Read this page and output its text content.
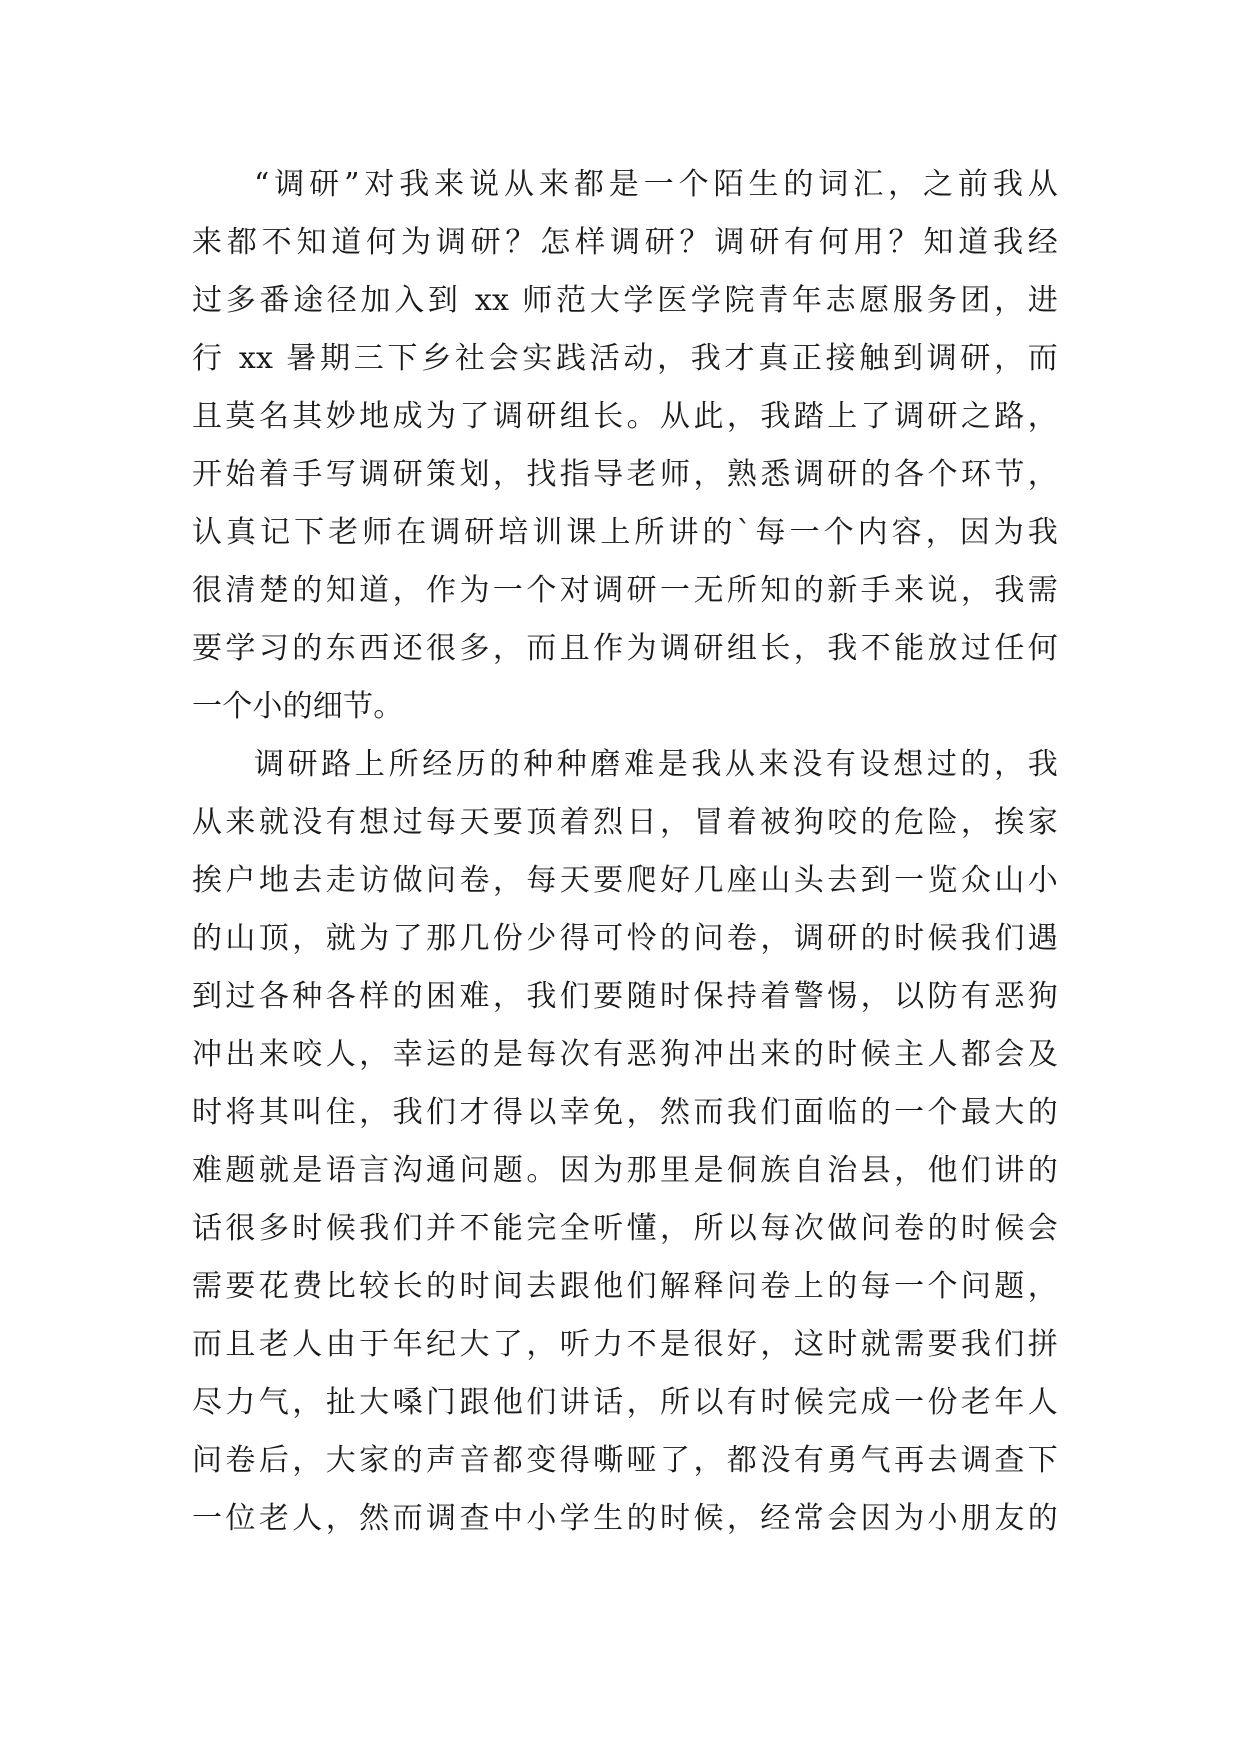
“调研”对我来说从来都是一个陌生的词汇，之前我从
来都不知道何为调研？怎样调研？调研有何用？知道我经
过多番途径加入到 xx 师范大学医学院青年志愿服务团，进
行 xx 暑期三下乡社会实践活动，我才真正接触到调研，而
且莫名其妙地成为了调研组长。从此，我踏上了调研之路，
开始着手写调研策划，找指导老师，熟悉调研的各个环节，
认真记下老师在调研培训课上所讲的`每一个内容，因为我
很清楚的知道，作为一个对调研一无所知的新手来说，我需
要学习的东西还很多，而且作为调研组长，我不能放过任何
一个小的细节。
调研路上所经历的种种磨难是我从来没有设想过的，我
从来就没有想过每天要顶着烈日，冒着被狗咬的危险，挨家
挨户地去走访做问卷，每天要爬好几座山头去到一览众山小
的山顶，就为了那几份少得可怜的问卷，调研的时候我们遇
到过各种各样的困难，我们要随时保持着警惕，以防有恶狗
冲出来咬人，幸运的是每次有恶狗冲出来的时候主人都会及
时将其叫住，我们才得以幸免，然而我们面临的一个最大的
难题就是语言沟通问题。因为那里是侗族自治县，他们讲的
话很多时候我们并不能完全听懂，所以每次做问卷的时候会
需要花费比较长的时间去跟他们解释问卷上的每一个问题，
而且老人由于年纪大了，听力不是很好，这时就需要我们拼
尽力气，扯大嗓门跟他们讲话，所以有时候完成一份老年人
问卷后，大家的声音都变得嘶哑了，都没有勇气再去调查下
一位老人，然而调查中小学生的时候，经常会因为小朋友的
